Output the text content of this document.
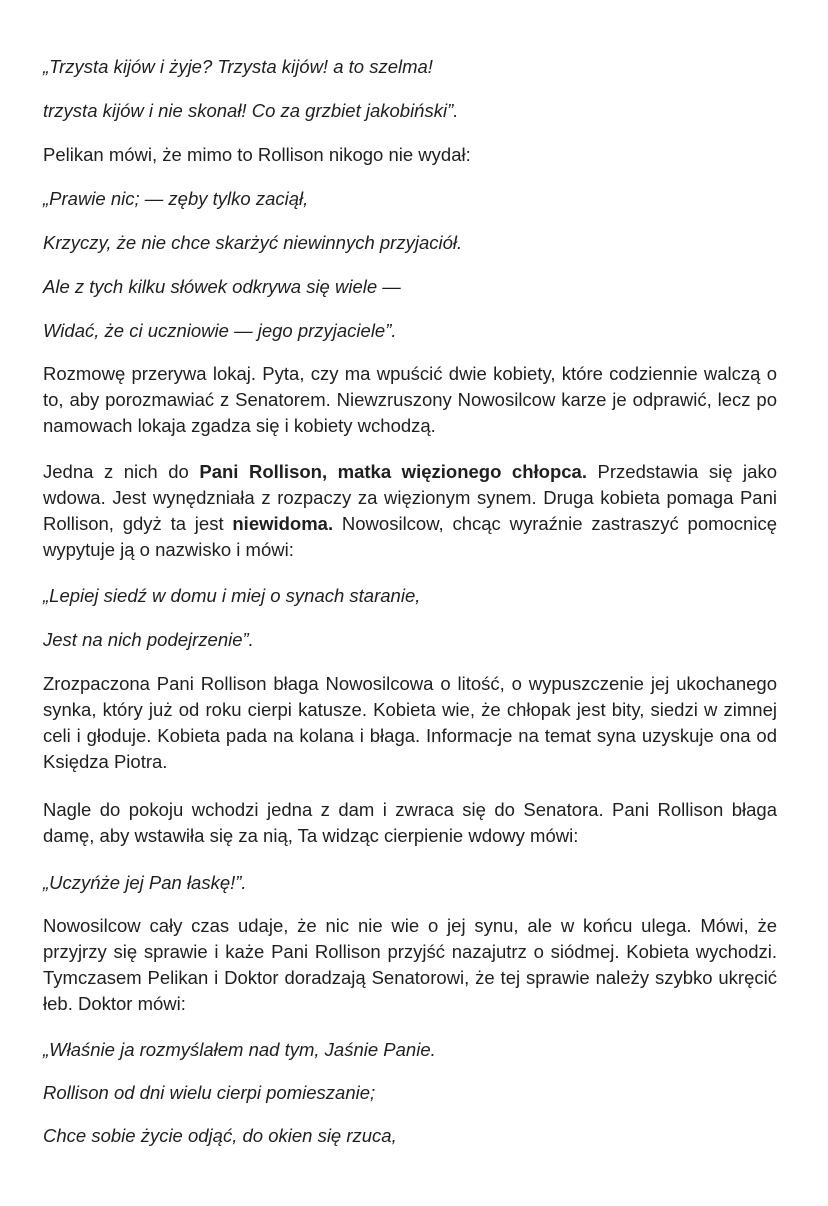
„Trzysta kijów i żyje? Trzysta kijów! a to szelma!

trzysta kijów i nie skonał! Co za grzbiet jakobiński”.

Pelikan mówi, że mimo to Rollison nikogo nie wydał:

„Prawie nic; — zęby tylko zaciął,

Krzyczy, że nie chce skarżyć niewinnych przyjaciół.

Ale z tych kilku słówek odkrywa się wiele —

Widać, że ci uczniowie — jego przyjaciele”.

Rozmowę przerywa lokaj. Pyta, czy ma wpuścić dwie kobiety, które codziennie walczą o to, aby porozmawiać z Senatorem. Niewzruszony Nowosilcow karze je odprawić, lecz po namowach lokaja zgadza się i kobiety wchodzą.

Jedna z nich do Pani Rollison, matka więzionego chłopca. Przedstawia się jako wdowa. Jest wynędzniała z rozpaczy za więzionym synem. Druga kobieta pomaga Pani Rollison, gdyż ta jest niewidoma. Nowosilcow, chcąc wyraźnie zastraszyć pomocnicę wypytuje ją o nazwisko i mówi:

„Lepiej siedź w domu i miej o synach staranie,

Jest na nich podejrzenie”.

Zrozpaczona Pani Rollison błaga Nowosilcowa o litość, o wypuszczenie jej ukochanego synka, który już od roku cierpi katusze. Kobieta wie, że chłopak jest bity, siedzi w zimnej celi i głoduje. Kobieta pada na kolana i błaga. Informacje na temat syna uzyskuje ona od Księdza Piotra.

Nagle do pokoju wchodzi jedna z dam i zwraca się do Senatora. Pani Rollison błaga damę, aby wstawiła się za nią, Ta widząc cierpienie wdowy mówi:

„Uczyńże jej Pan łaskę!”.

Nowosilcow cały czas udaje, że nic nie wie o jej synu, ale w końcu ulega. Mówi, że przyjrzy się sprawie i każe Pani Rollison przyjść nazajutrz o siódmej. Kobieta wychodzi. Tymczasem Pelikan i Doktor doradzają Senatorowi, że tej sprawie należy szybko ukręcić łeb. Doktor mówi:

„Właśnie ja rozmyślałem nad tym, Jaśnie Panie.

Rollison od dni wielu cierpi pomieszanie;

Chce sobie życie odjąć, do okien się rzuca,
